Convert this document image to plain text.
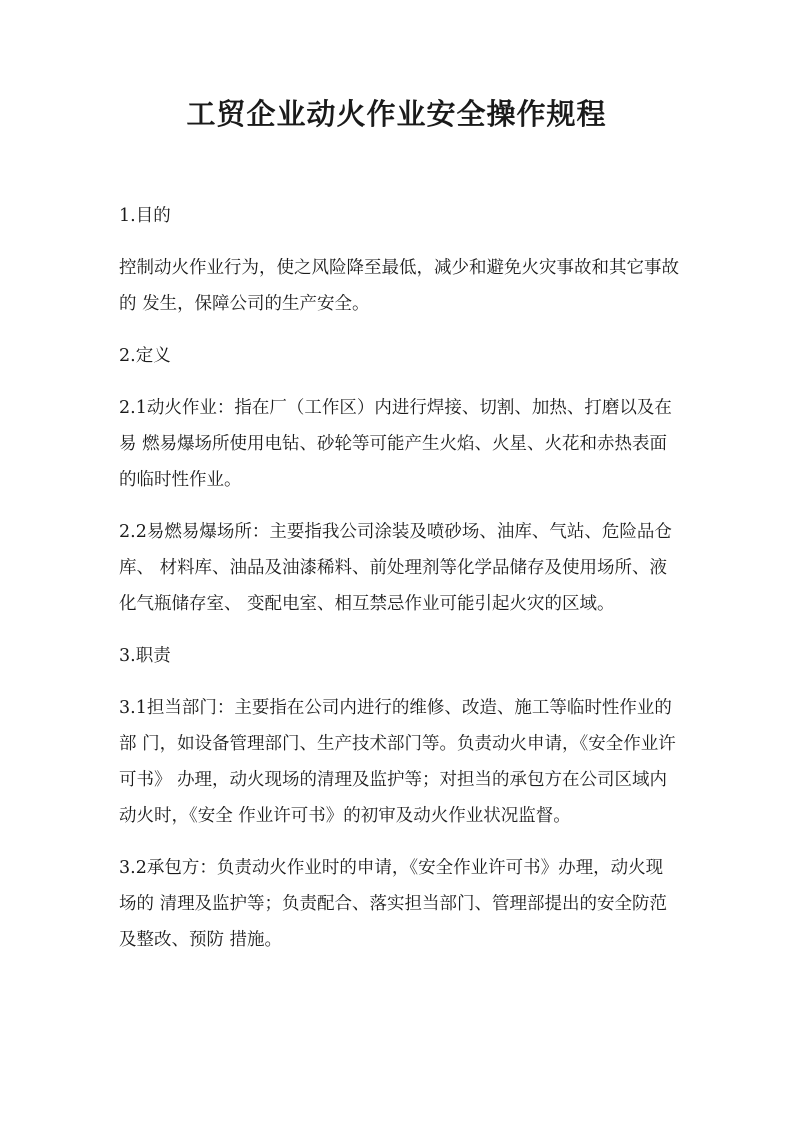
工贸企业动火作业安全操作规程

1.目的

控制动火作业行为，使之风险降至最低，减少和避免火灾事故和其它事故的 发生，保障公司的生产安全。

2.定义

2.1动火作业：指在厂（工作区）内进行焊接、切割、加热、打磨以及在易 燃易爆场所使用电钻、砂轮等可能产生火焰、火星、火花和赤热表面的临时性作业。

2.2易燃易爆场所：主要指我公司涂装及喷砂场、油库、气站、危险品仓库、 材料库、油品及油漆稀料、前处理剂等化学品储存及使用场所、液化气瓶储存室、 变配电室、相互禁忌作业可能引起火灾的区域。

3.职责

3.1担当部门：主要指在公司内进行的维修、改造、施工等临时性作业的部 门，如设备管理部门、生产技术部门等。负责动火申请，《安全作业许可书》 办理，动火现场的清理及监护等；对担当的承包方在公司区域内动火时，《安全 作业许可书》的初审及动火作业状况监督。

3.2承包方：负责动火作业时的申请，《安全作业许可书》办理，动火现场的 清理及监护等；负责配合、落实担当部门、管理部提出的安全防范及整改、预防 措施。
